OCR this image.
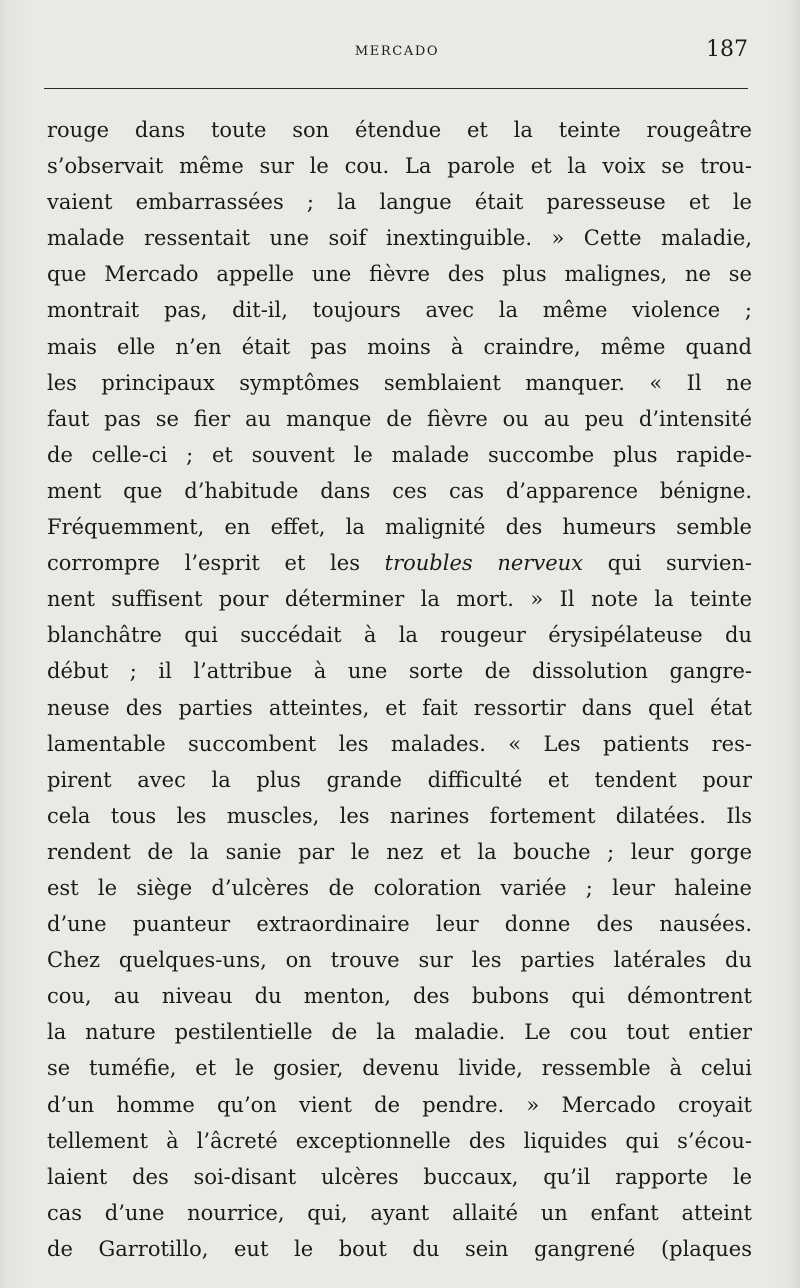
MERCADO	187
rouge dans toute son étendue et la teinte rougeâtre
s’observait même sur le cou. La parole et la voix se trou-
vaient embarrassées ; la langue était paresseuse et le
malade ressentait une soif inextinguible. » Cette maladie,
que Mercado appelle une fièvre des plus malignes, ne se
montrait pas, dit-il, toujours avec la même violence ;
mais elle n’en était pas moins à craindre, même quand
les principaux symptômes semblaient manquer. « Il ne
faut pas se fier au manque de fièvre ou au peu d’intensité
de celle-ci ; et souvent le malade succombe plus rapide-
ment que d’habitude dans ces cas d’apparence bénigne.
Fréquemment, en effet, la malignité des humeurs semble
corrompre l’esprit et les troubles nerveux qui survien-
nent suffisent pour déterminer la mort. » Il note la teinte
blanchâtre qui succédait à la rougeur érysipélateuse du
début ; il l’attribue à une sorte de dissolution gangre-
neuse des parties atteintes, et fait ressortir dans quel état
lamentable succombent les malades. « Les patients res-
pirent avec la plus grande difficulté et tendent pour
cela tous les muscles, les narines fortement dilatées. Ils
rendent de la sanie par le nez et la bouche ; leur gorge
est le siège d’ulcères de coloration variée ; leur haleine
d’une puanteur extraordinaire leur donne des nausées.
Chez quelques-uns, on trouve sur les parties latérales du
cou, au niveau du menton, des bubons qui démontrent
la nature pestilentielle de la maladie. Le cou tout entier
se tuméfie, et le gosier, devenu livide, ressemble à celui
d’un homme qu’on vient de pendre. » Mercado croyait
tellement à l’âcreté exceptionnelle des liquides qui s’écou-
laient des soi-disant ulcères buccaux, qu’il rapporte le
cas d’une nourrice, qui, ayant allaité un enfant atteint
de Garrotillo, eut le bout du sein gangrené (plaques
